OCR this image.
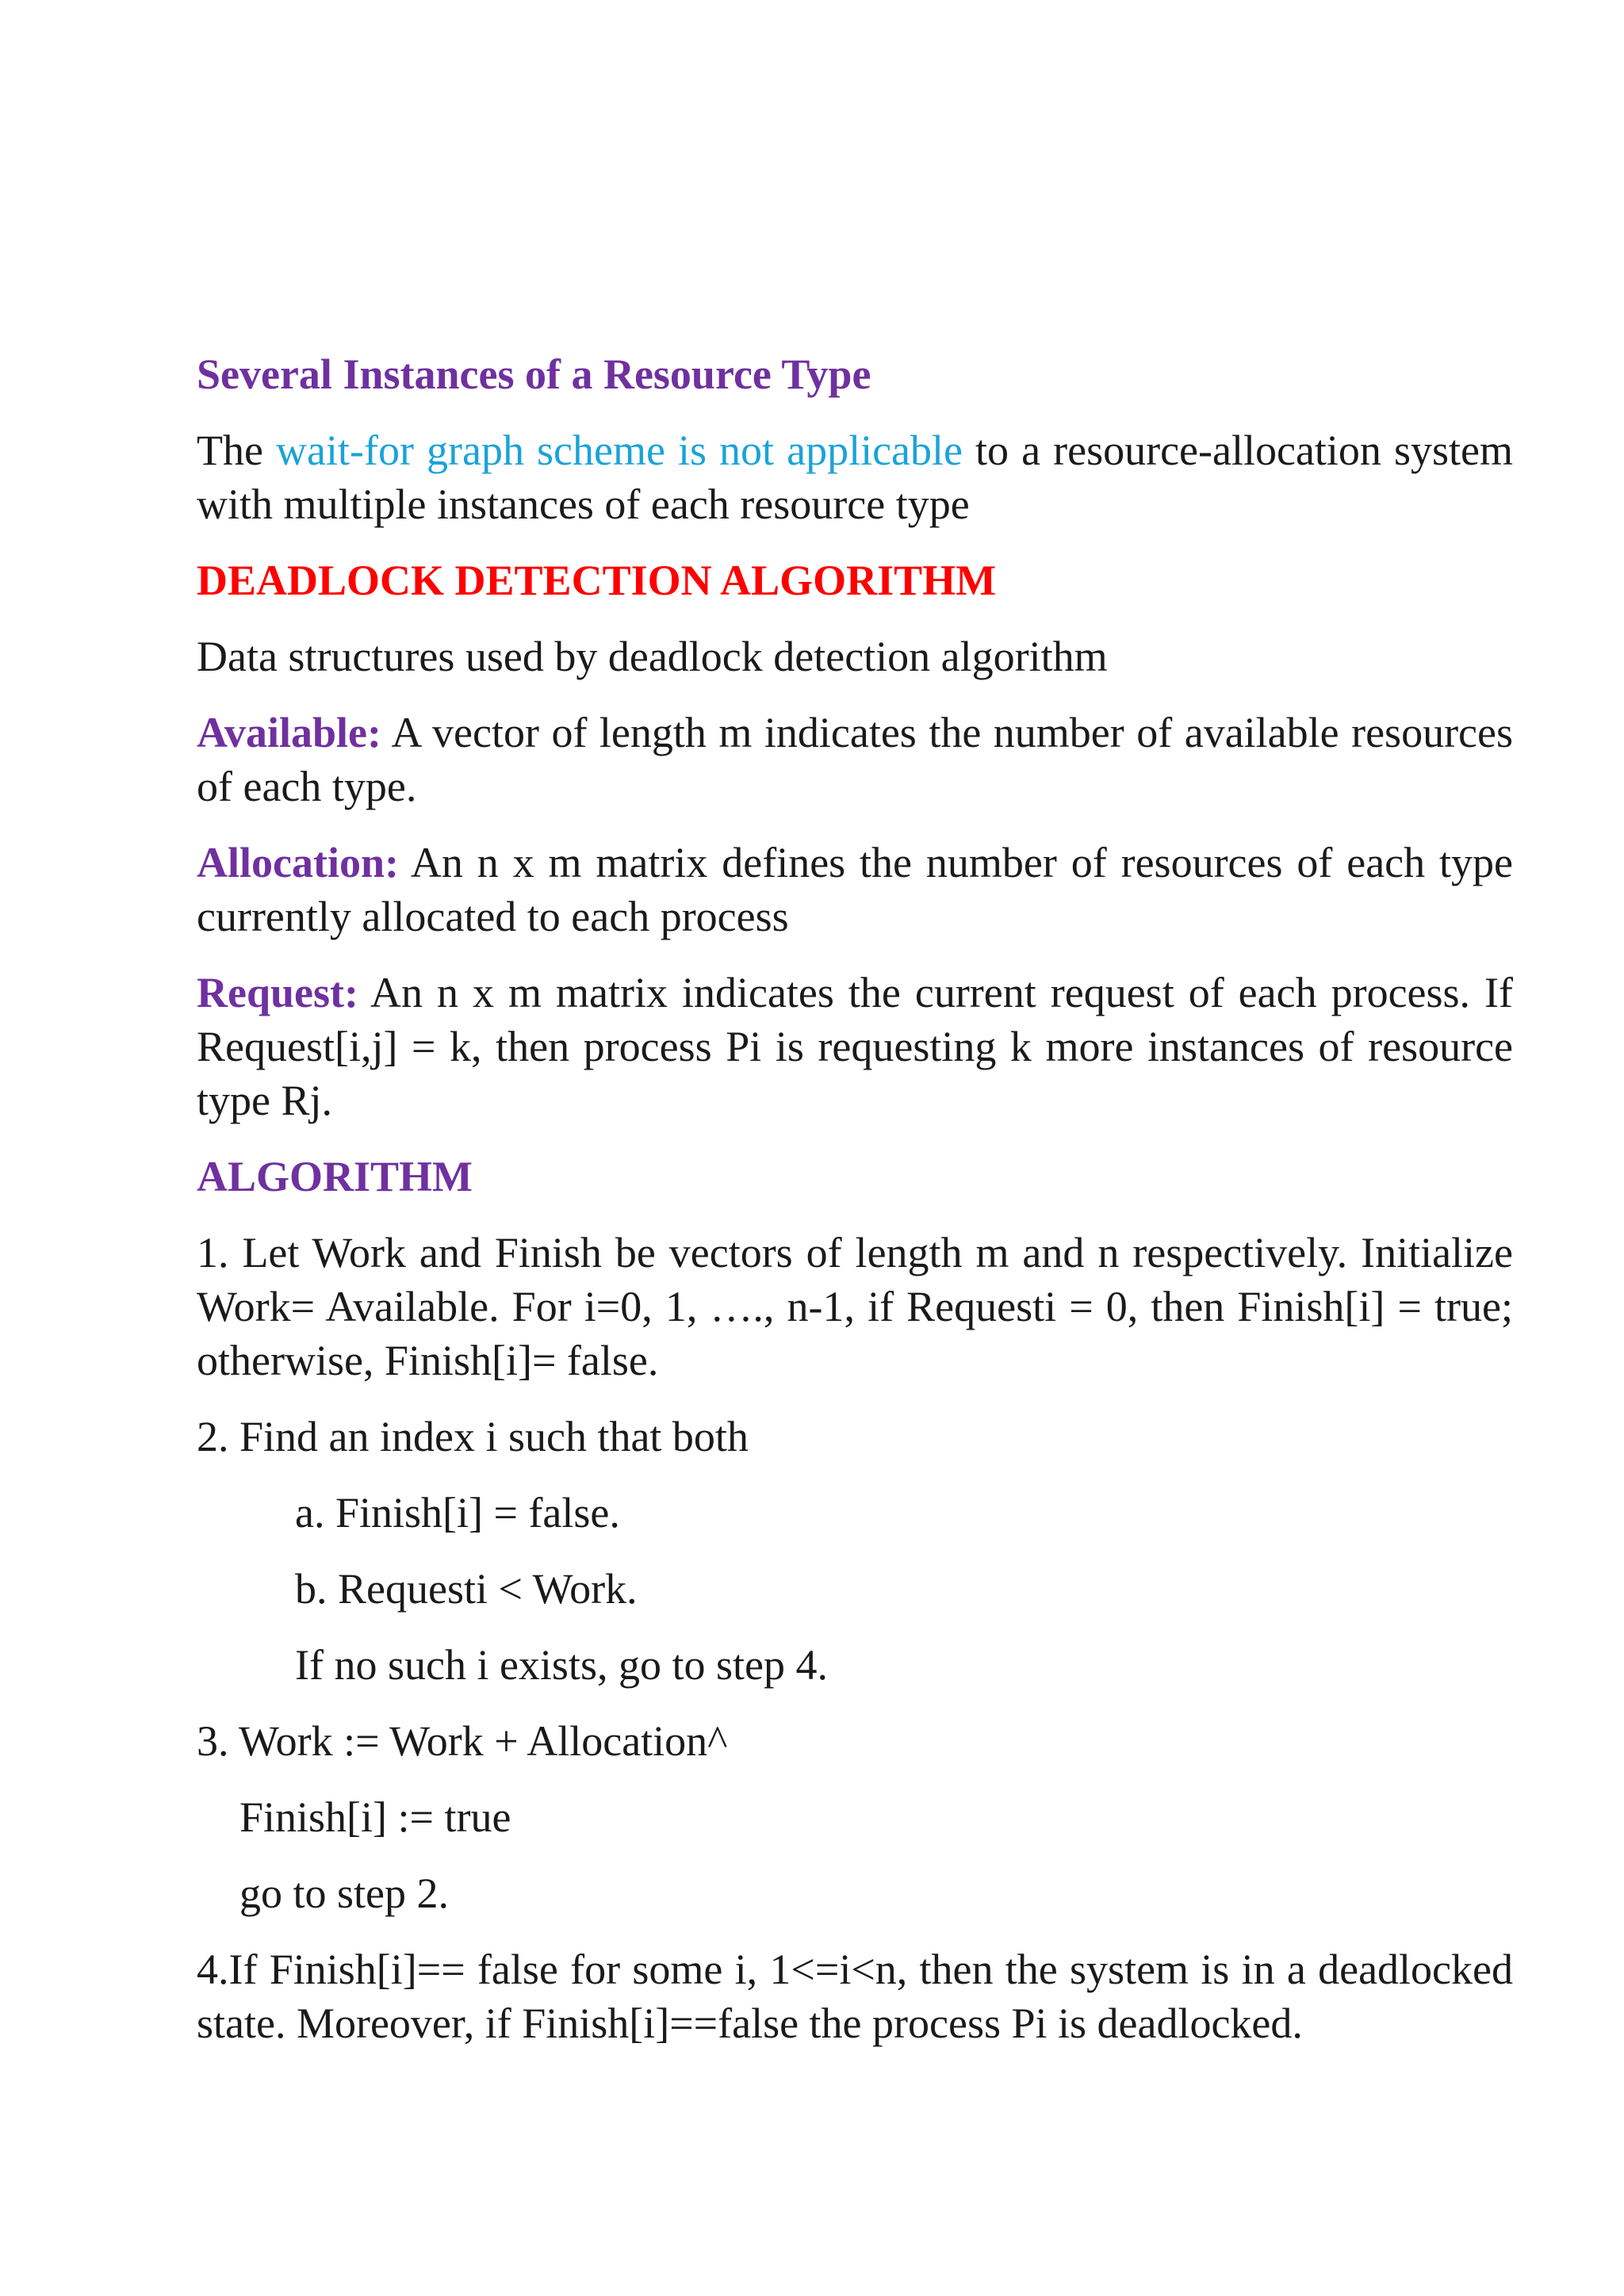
Several Instances of a Resource Type

The wait-for graph scheme is not applicable to a resource-allocation system with multiple instances of each resource type

DEADLOCK DETECTION ALGORITHM

Data structures used by deadlock detection algorithm

Available: A vector of length m indicates the number of available resources of each type.

Allocation: An n x m matrix defines the number of resources of each type currently allocated to each process

Request: An n x m matrix indicates the current request of each process. If Request[i,j] = k, then process Pi is requesting k more instances of resource type Rj.

ALGORITHM

1. Let Work and Finish be vectors of length m and n respectively. Initialize Work= Available. For i=0, 1, …., n-1, if Requesti = 0, then Finish[i] = true; otherwise, Finish[i]= false.

2. Find an index i such that both

a. Finish[i] = false.

b. Requesti < Work.

If no such i exists, go to step 4.

3. Work := Work + Allocation^

Finish[i] := true

go to step 2.

4.If Finish[i]== false for some i, 1<=i<n, then the system is in a deadlocked state. Moreover, if Finish[i]==false the process Pi is deadlocked.
